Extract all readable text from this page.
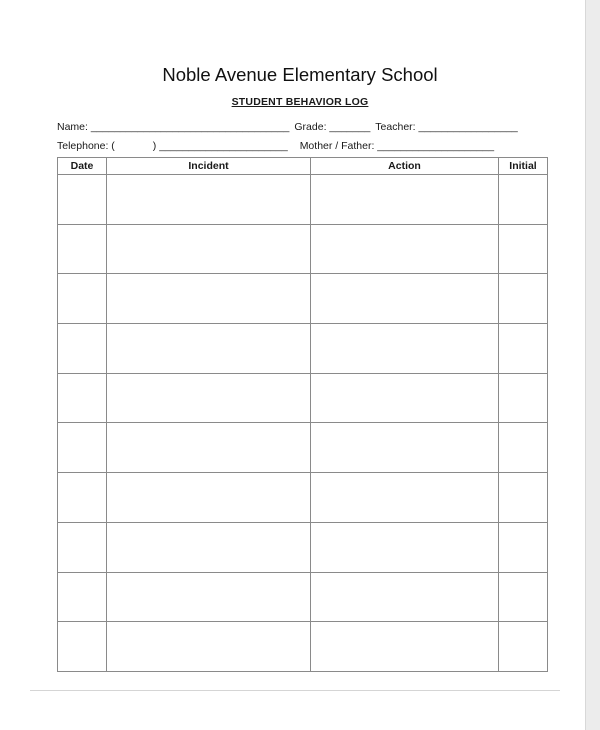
Noble Avenue Elementary School
STUDENT BEHAVIOR LOG
Name: __________________________________ Grade: _______ Teacher: _________________
Telephone: (	) ______________________ Mother / Father: ____________________
Date	Incident	Action	Initial
